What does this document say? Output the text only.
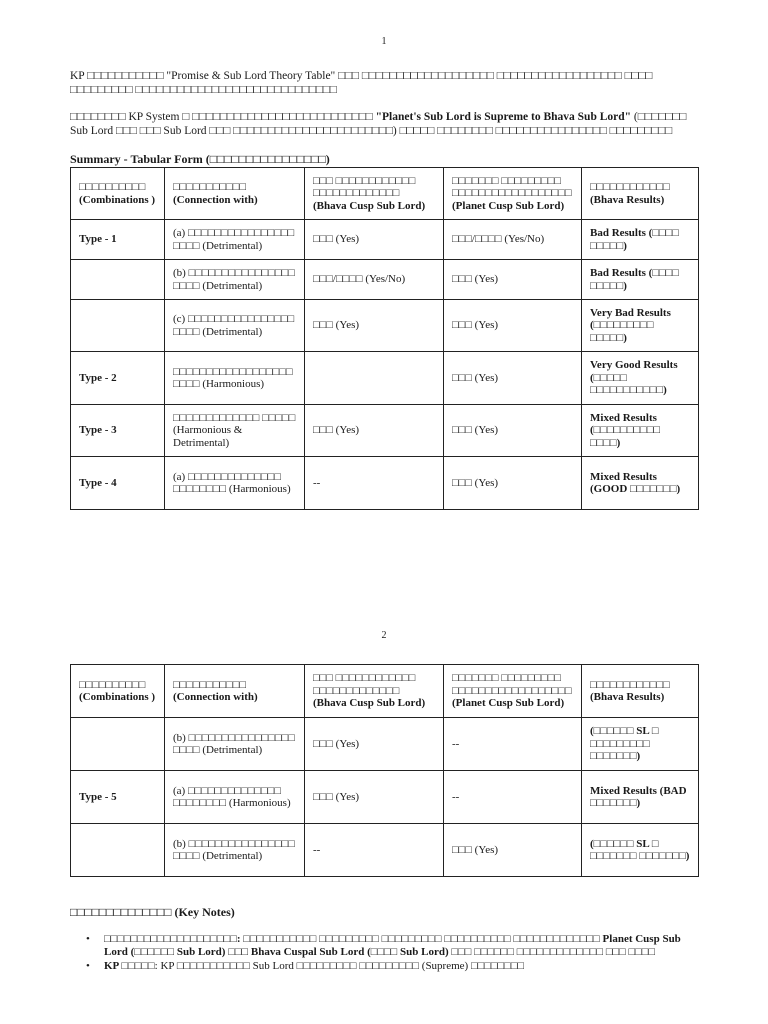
1
KP □□□□□□□□□□□ "Promise & Sub Lord Theory Table" □□□ □□□□□□□□□□□□□□□□□□□ □□□□□□□□□□□□□□□□□□ □□□□ □□□□□□□□□ □□□□□□□□□□□□□□□□□□□□□□□□□□□□□
□□□□□□□□ KP System □ □□□□□□□□□□□□□□□□□□□□□□□□□□ "Planet's Sub Lord is Supreme to Bhava Sub Lord" (□□□□□□□ Sub Lord □□□ □□□ Sub Lord □□□ □□□□□□□□□□□□□□□□□□□□□□□) □□□□□ □□□□□□□□ □□□□□□□□□□□□□□□□ □□□□□□□□□
Summary - Tabular Form (□□□□□□□□□□□□□□□□)
□□□□□□□□□□ (Combinations )	□□□□□□□□□□□ (Connection with)	□□□ □□□□□□□□□□□□ □□□□□□□□□□□□□ (Bhava Cusp Sub Lord)	□□□□□□□ □□□□□□□□□ □□□□□□□□□□□□□□□□□□ (Planet Cusp Sub Lord)	□□□□□□□□□□□□ (Bhava Results)
Type - 1	(a) □□□□□□□□□□□□□□□□ □□□□ (Detrimental)	□□□ (Yes)	□□□/□□□□ (Yes/No)	Bad Results (□□□□ □□□□□)
	(b) □□□□□□□□□□□□□□□□ □□□□ (Detrimental)	□□□/□□□□ (Yes/No)	□□□ (Yes)	Bad Results (□□□□ □□□□□)
	(c) □□□□□□□□□□□□□□□□ □□□□ (Detrimental)	□□□ (Yes)	□□□ (Yes)	Very Bad Results (□□□□□□□□□ □□□□□)
Type - 2	□□□□□□□□□□□□□□□□□□ □□□□ (Harmonious)		□□□ (Yes)	Very Good Results (□□□□□ □□□□□□□□□□□)
Type - 3	□□□□□□□□□□□□□ □□□□□ (Harmonious & Detrimental)	□□□ (Yes)	□□□ (Yes)	Mixed Results (□□□□□□□□□□ □□□□)
Type - 4	(a) □□□□□□□□□□□□□□ □□□□□□□□ (Harmonious)	--	□□□ (Yes)	Mixed Results (GOOD □□□□□□□)
2
□□□□□□□□□□ (Combinations )	□□□□□□□□□□□ (Connection with)	□□□ □□□□□□□□□□□□ □□□□□□□□□□□□□ (Bhava Cusp Sub Lord)	□□□□□□□ □□□□□□□□□ □□□□□□□□□□□□□□□□□□ (Planet Cusp Sub Lord)	□□□□□□□□□□□□ (Bhava Results)
	(b) □□□□□□□□□□□□□□□□ □□□□ (Detrimental)	□□□ (Yes)	--	(□□□□□□ SL □ □□□□□□□□□ □□□□□□□)
Type - 5	(a) □□□□□□□□□□□□□□ □□□□□□□□ (Harmonious)	□□□ (Yes)	--	Mixed Results (BAD □□□□□□□)
	(b) □□□□□□□□□□□□□□□□ □□□□ (Detrimental)	--	□□□ (Yes)	(□□□□□□ SL □ □□□□□□□ □□□□□□□)
□□□□□□□□□□□□□□ (Key Notes)
• □□□□□□□□□□□□□□□□□□□□: □□□□□□□□□□□ □□□□□□□□□ □□□□□□□□□ □□□□□□□□□□ □□□□□□□□□□□□□ Planet Cusp Sub Lord (□□□□□□ Sub Lord) □□□ Bhava Cuspal Sub Lord (□□□□ Sub Lord) □□□ □□□□□□ □□□□□□□□□□□□□ □□□ □□□□
• KP □□□□□: KP □□□□□□□□□□□ Sub Lord □□□□□□□□□ □□□□□□□□□ (Supreme) □□□□□□□□
